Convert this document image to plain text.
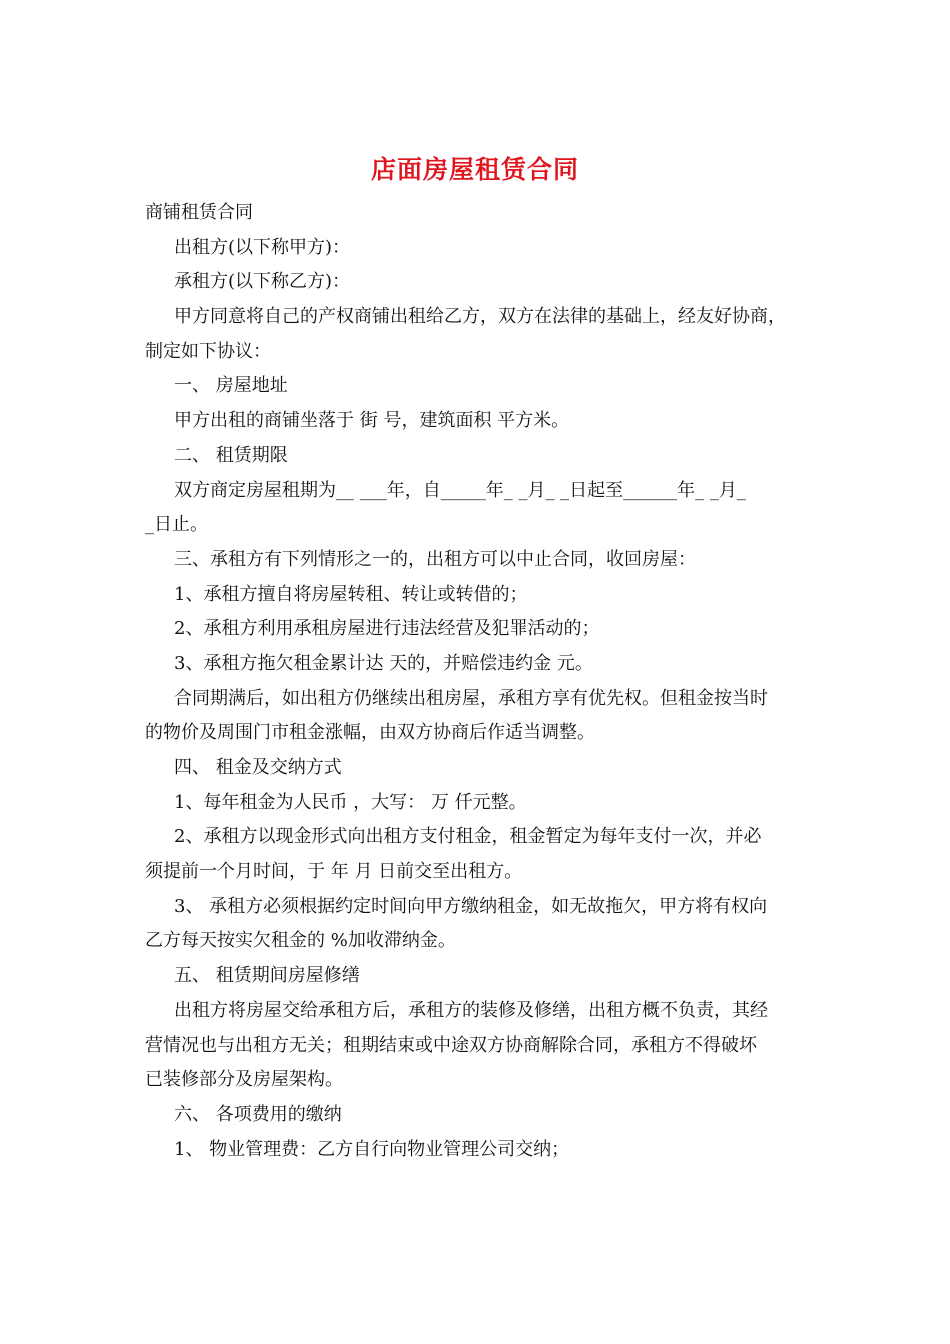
店面房屋租赁合同
商铺租赁合同
出租方(以下称甲方)：
承租方(以下称乙方)：
甲方同意将自己的产权商铺出租给乙方，双方在法律的基础上，经友好协商，
制定如下协议：
一、 房屋地址
甲方出租的商铺坐落于 街 号，建筑面积 平方米。
二、 租赁期限
双方商定房屋租期为__ ___年，自_____年_ _月_ _日起至______年_ _月_
_日止。
三、承租方有下列情形之一的，出租方可以中止合同，收回房屋：
1、承租方擅自将房屋转租、转让或转借的；
2、承租方利用承租房屋进行违法经营及犯罪活动的；
3、承租方拖欠租金累计达 天的，并赔偿违约金 元。
合同期满后，如出租方仍继续出租房屋，承租方享有优先权。但租金按当时
的物价及周围门市租金涨幅，由双方协商后作适当调整。
四、 租金及交纳方式
1、每年租金为人民币 ，大写： 万 仟元整。
2、承租方以现金形式向出租方支付租金，租金暂定为每年支付一次，并必
须提前一个月时间，于 年 月 日前交至出租方。
3、 承租方必须根据约定时间向甲方缴纳租金，如无故拖欠，甲方将有权向
乙方每天按实欠租金的 %加收滞纳金。
五、 租赁期间房屋修缮
出租方将房屋交给承租方后，承租方的装修及修缮，出租方概不负责，其经
营情况也与出租方无关；租期结束或中途双方协商解除合同，承租方不得破坏
已装修部分及房屋架构。
六、 各项费用的缴纳
1、 物业管理费：乙方自行向物业管理公司交纳；
